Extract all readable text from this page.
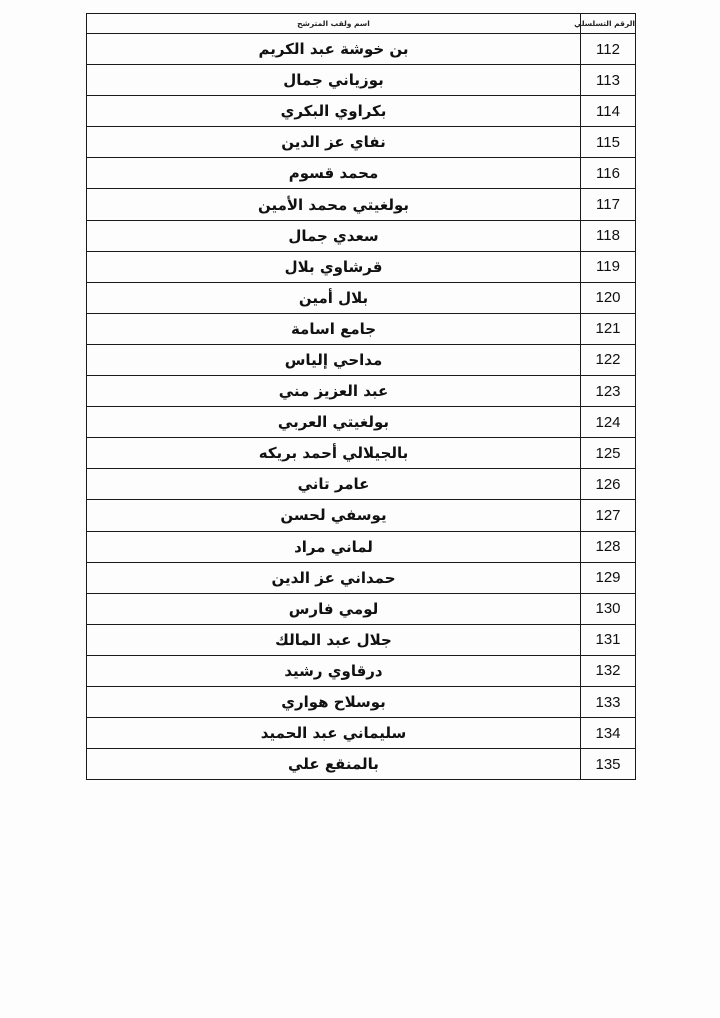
اسم ولقب المترشح	الرقم التسلسلي
بن خوشة عبد الكريم	112
بوزياني جمال	113
بكراوي البكري	114
نفاي عز الدين	115
محمد قسوم	116
بولغيتي محمد الأمين	117
سعدي جمال	118
قرشاوي بلال	119
بلال أمين	120
جامع اسامة	121
مداحي إلياس	122
عبد العزيز مني	123
بولغيتي العربي	124
بالجيلالي أحمد بريكه	125
عامر تاني	126
يوسفي لحسن	127
لماني مراد	128
حمداني عز الدين	129
لومي فارس	130
جلال عبد المالك	131
درقاوي رشيد	132
بوسلاح هواري	133
سليماني عبد الحميد	134
بالمنقع علي	135
